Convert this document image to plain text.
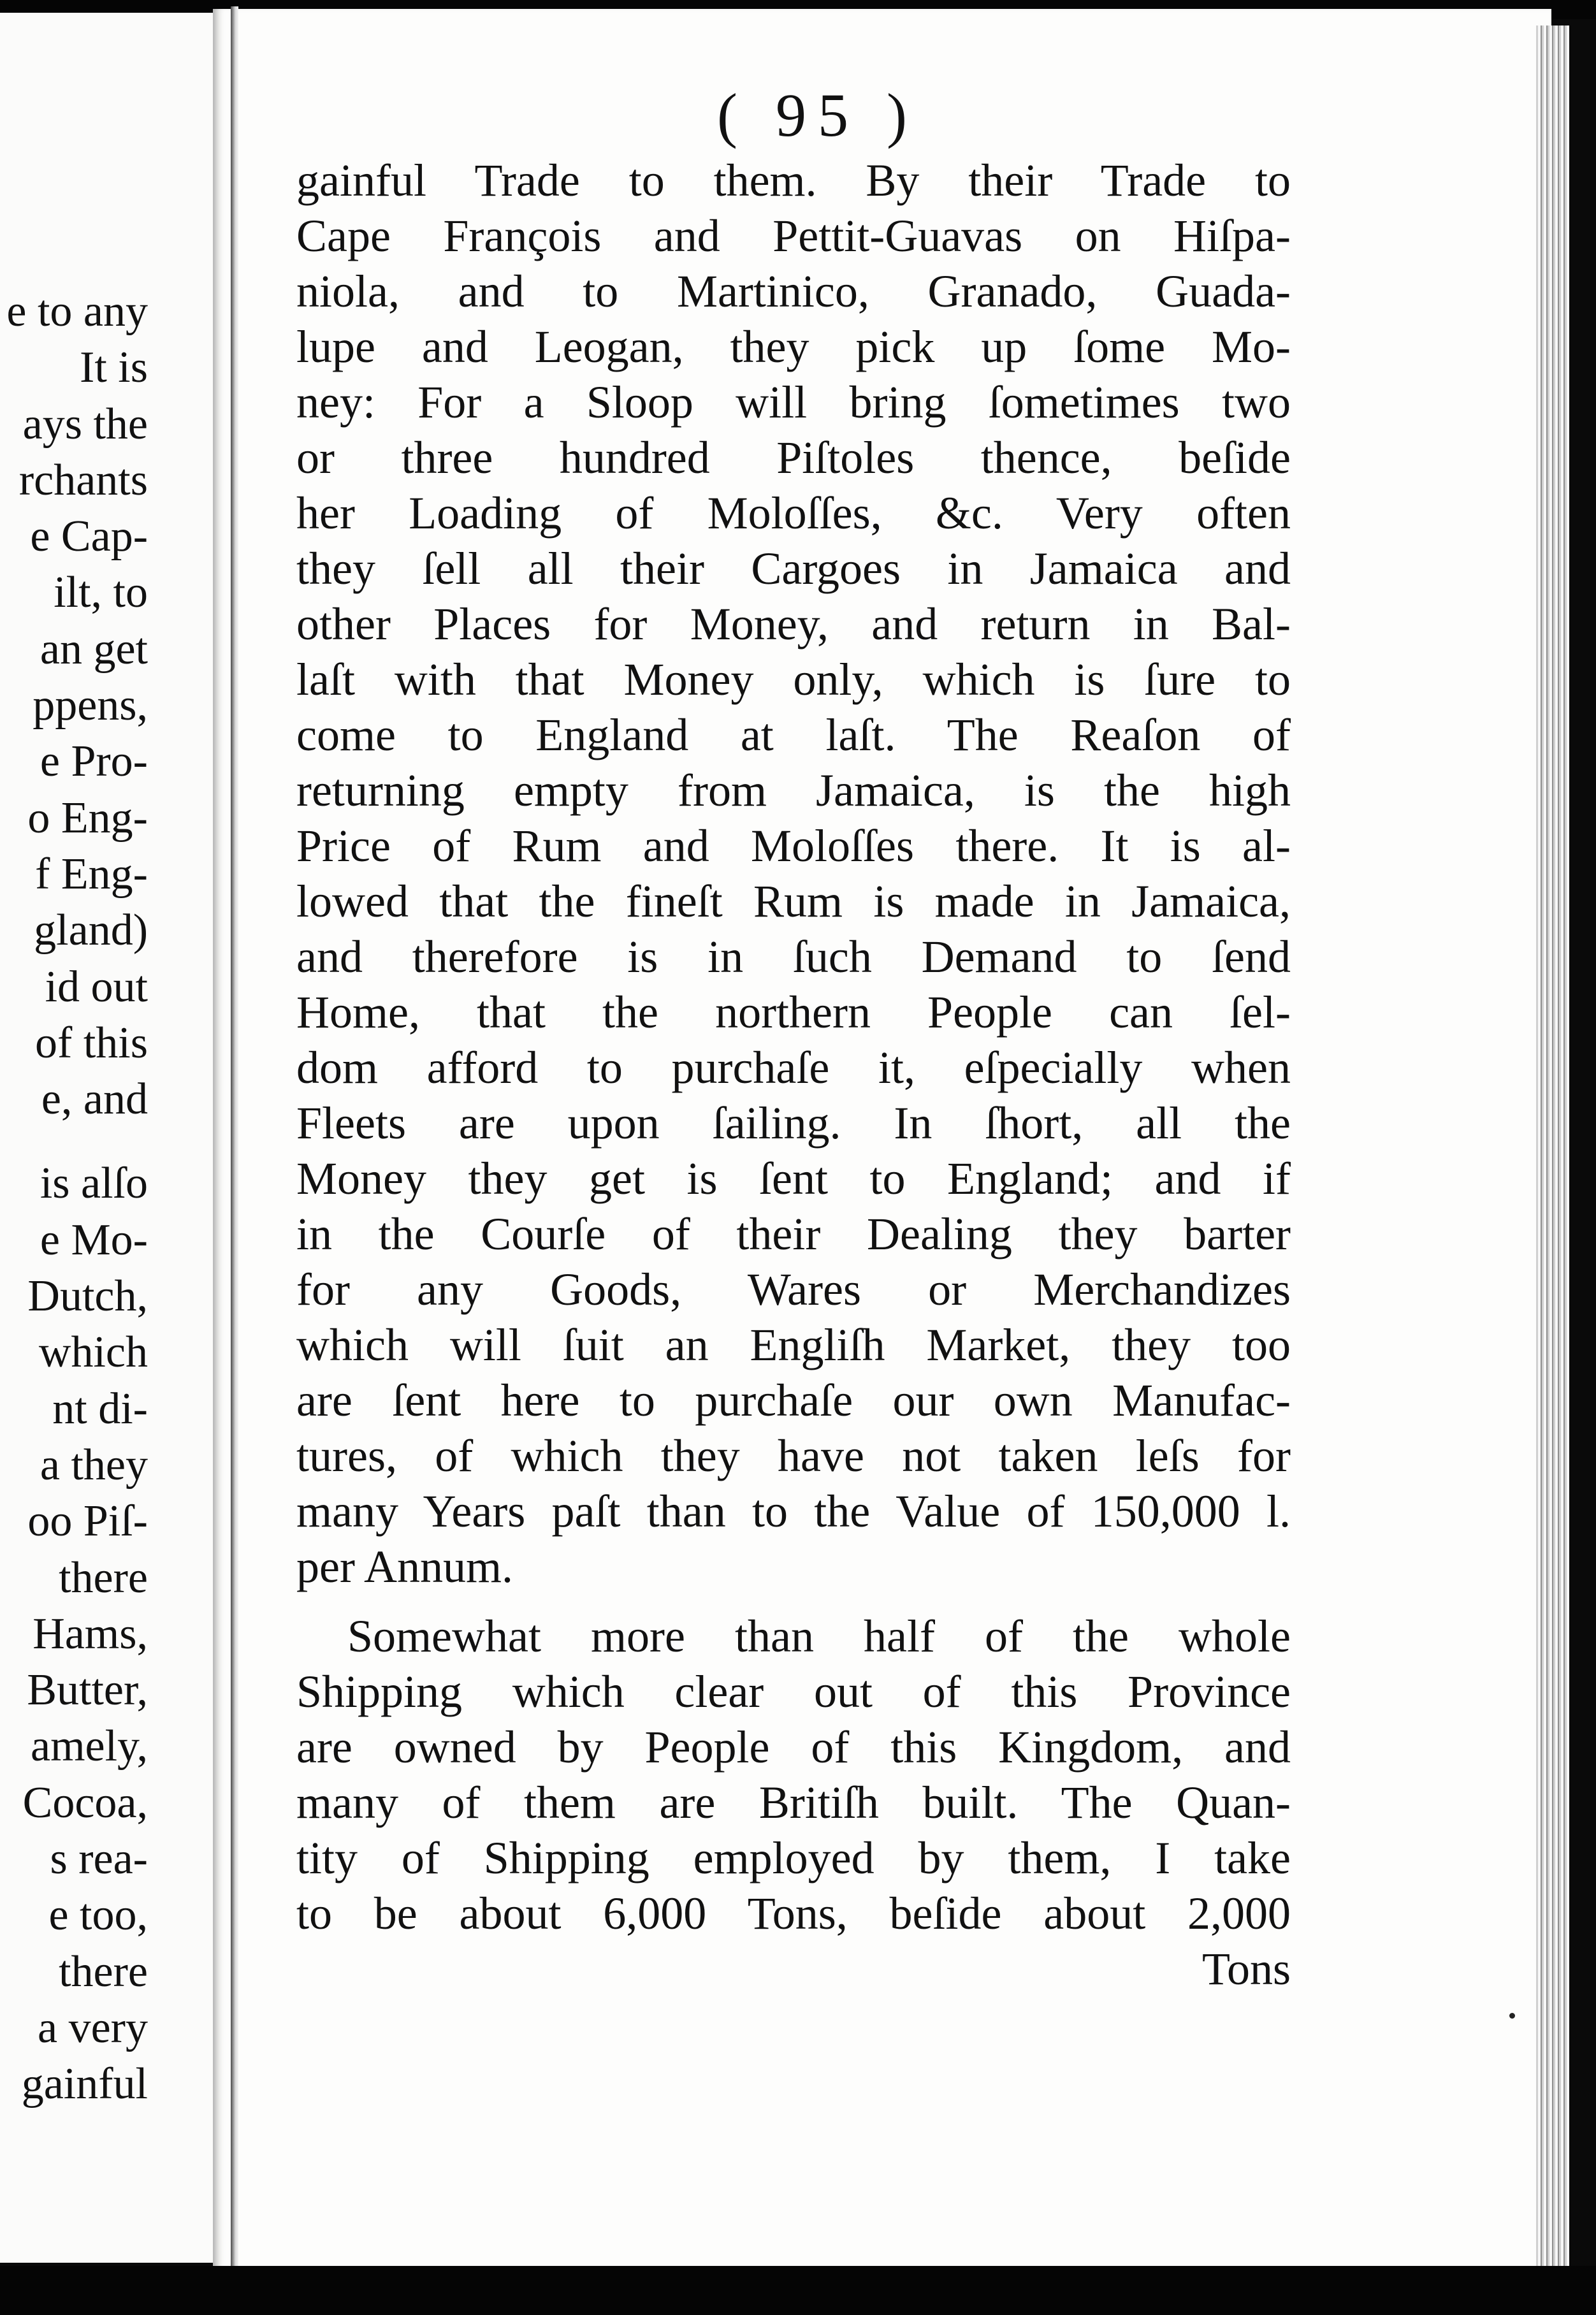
e to any
It is
ays the
rchants
e Cap-
ilt, to
an get
ppens,
e Pro-
o Eng-
f Eng-
gland)
id out
of this
e, and
is alſo
e Mo-
Dutch,
which
nt di-
a they
oo Piſ-
there
Hams,
Butter,
amely,
Cocoa,
s rea-
e too,
there
a very
gainful
( 95 )
gainful Trade to them. By their Trade to
Cape François and Pettit-Guavas on Hiſpa-
niola, and to Martinico, Granado, Guada-
lupe and Leogan, they pick up ſome Mo-
ney: For a Sloop will bring ſometimes two
or three hundred Piſtoles thence, beſide
her Loading of Moloſſes, &c. Very often
they ſell all their Cargoes in Jamaica and
other Places for Money, and return in Bal-
laſt with that Money only, which is ſure to
come to England at laſt. The Reaſon of
returning empty from Jamaica, is the high
Price of Rum and Moloſſes there. It is al-
lowed that the fineſt Rum is made in Jamaica,
and therefore is in ſuch Demand to ſend
Home, that the northern People can ſel-
dom afford to purchaſe it, eſpecially when
Fleets are upon ſailing. In ſhort, all the
Money they get is ſent to England; and if
in the Courſe of their Dealing they barter
for any Goods, Wares or Merchandizes
which will ſuit an Engliſh Market, they too
are ſent here to purchaſe our own Manufac-
tures, of which they have not taken leſs for
many Years paſt than to the Value of 150,000 l.
per Annum.
Somewhat more than half of the whole
Shipping which clear out of this Province
are owned by People of this Kingdom, and
many of them are Britiſh built. The Quan-
tity of Shipping employed by them, I take
to be about 6,000 Tons, beſide about 2,000
Tons
